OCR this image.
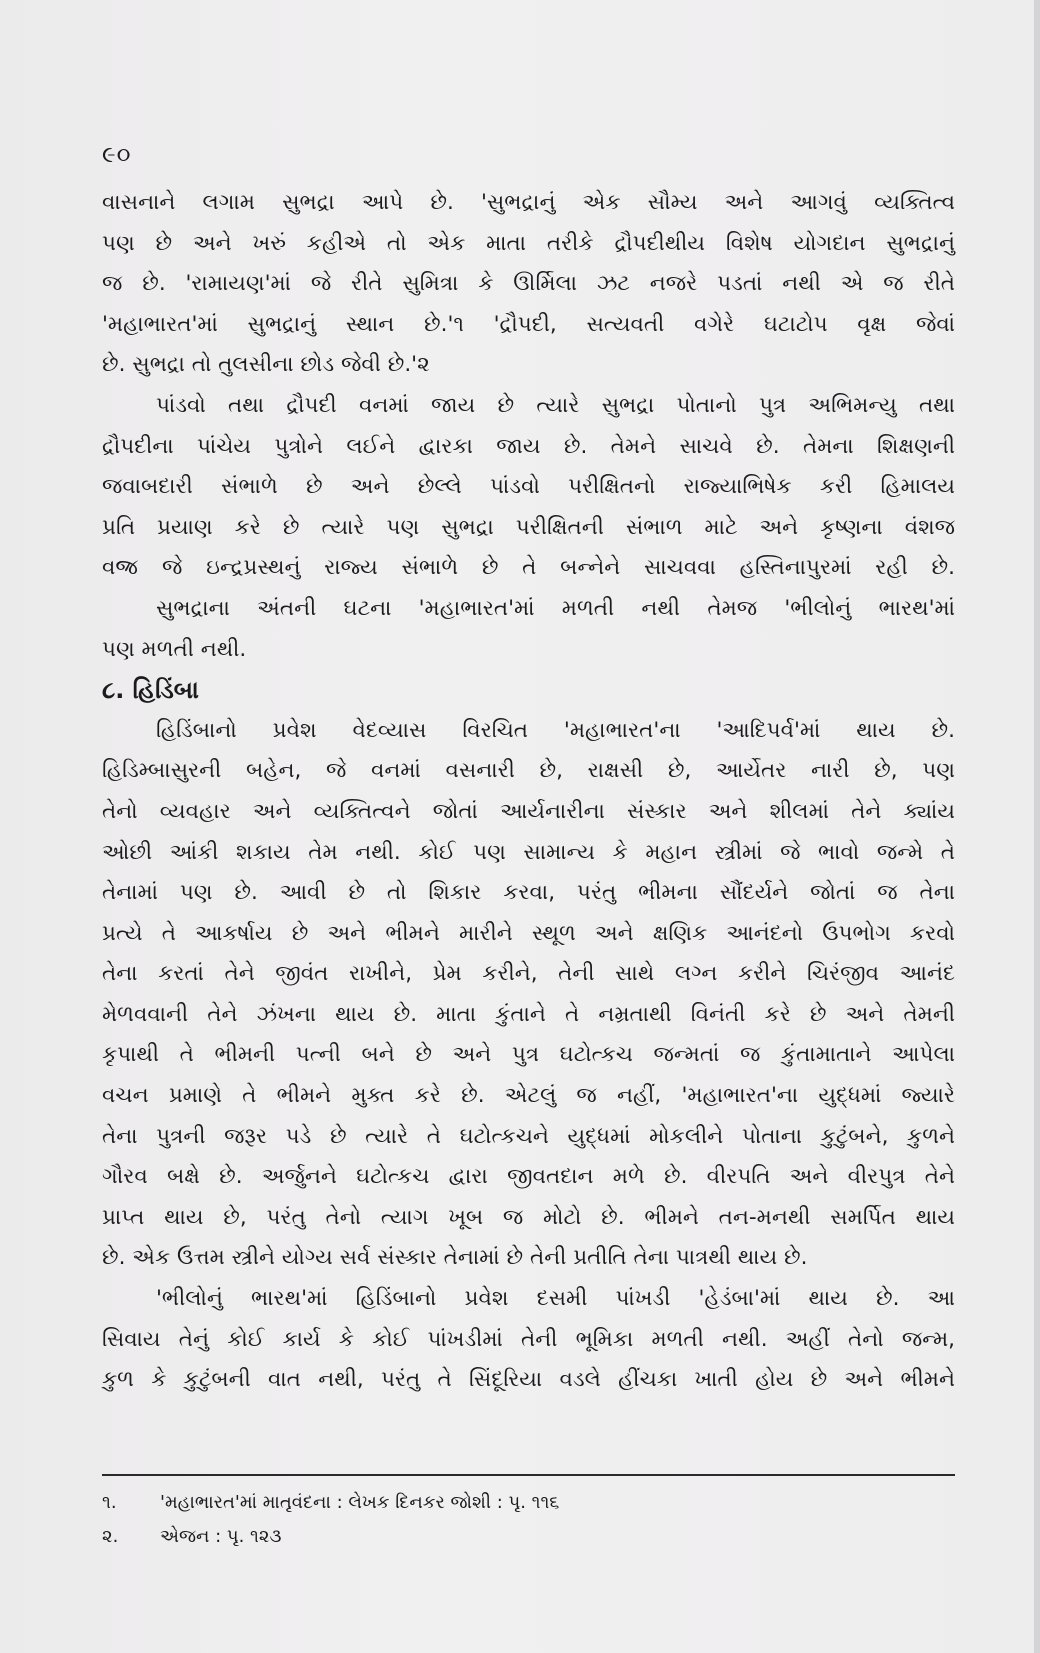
૯૦
વાસનાને લગામ સુભદ્રા આપે છે. 'સુભદ્રાનું એક સૌમ્ય અને આગવું વ્યક્તિત્વ
પણ છે અને ખરું કહીએ તો એક માતા તરીકે દ્રૌપદીથીય વિશેષ યોગદાન સુભદ્રાનું
જ છે. 'રામાયણ'માં જે રીતે સુમિત્રા કે ઊર્મિલા ઝટ નજરે પડતાં નથી એ જ રીતે
'મહાભારત'માં સુભદ્રાનું સ્થાન છે.'૧ 'દ્રૌપદી, સત્યવતી વગેરે ઘટાટોપ વૃક્ષ જેવાં
છે. સુભદ્રા તો તુલસીના છોડ જેવી છે.'૨
પાંડવો તથા દ્રૌપદી વનમાં જાય છે ત્યારે સુભદ્રા પોતાનો પુત્ર અભિમન્યુ તથા
દ્રૌપદીના પાંચેય પુત્રોને લઈને દ્વારકા જાય છે. તેમને સાચવે છે. તેમના શિક્ષણની
જવાબદારી સંભાળે છે અને છેલ્લે પાંડવો પરીક્ષિતનો રાજ્યાભિષેક કરી હિમાલય
પ્રતિ પ્રયાણ કરે છે ત્યારે પણ સુભદ્રા પરીક્ષિતની સંભાળ માટે અને કૃષ્ણના વંશજ
વજ્ર જે ઇન્દ્રપ્રસ્થનું રાજ્ય સંભાળે છે તે બન્નેને સાચવવા હસ્તિનાપુરમાં રહી છે.
સુભદ્રાના અંતની ઘટના 'મહાભારત'માં મળતી નથી તેમજ 'ભીલોનું ભારથ'માં
પણ મળતી નથી.
૮. હિડિંબા
હિડિંબાનો પ્રવેશ વેદવ્યાસ વિરચિત 'મહાભારત'ના 'આદિપર્વ'માં થાય છે.
હિડિમ્બાસુરની બહેન, જે વનમાં વસનારી છે, રાક્ષસી છે, આર્યેતર નારી છે, પણ
તેનો વ્યવહાર અને વ્યક્તિત્વને જોતાં આર્યનારીના સંસ્કાર અને શીલમાં તેને ક્યાંય
ઓછી આંકી શકાય તેમ નથી. કોઈ પણ સામાન્ય કે મહાન સ્ત્રીમાં જે ભાવો જન્મે તે
તેનામાં પણ છે. આવી છે તો શિકાર કરવા, પરંતુ ભીમના સૌંદર્યને જોતાં જ તેના
પ્રત્યે તે આકર્ષાય છે અને ભીમને મારીને સ્થૂળ અને ક્ષણિક આનંદનો ઉપભોગ કરવો
તેના કરતાં તેને જીવંત રાખીને, પ્રેમ કરીને, તેની સાથે લગ્ન કરીને ચિરંજીવ આનંદ
મેળવવાની તેને ઝંખના થાય છે. માતા કુંતાને તે નમ્રતાથી વિનંતી કરે છે અને તેમની
કૃપાથી તે ભીમની પત્ની બને છે અને પુત્ર ઘટોત્કચ જન્મતાં જ કુંતામાતાને આપેલા
વચન પ્રમાણે તે ભીમને મુક્ત કરે છે. એટલું જ નહીં, 'મહાભારત'ના યુદ્ધમાં જ્યારે
તેના પુત્રની જરૂર પડે છે ત્યારે તે ઘટોત્કચને યુદ્ધમાં મોકલીને પોતાના કુટુંબને, કુળને
ગૌરવ બક્ષે છે. અર્જુનને ઘટોત્કચ દ્વારા જીવતદાન મળે છે. વીરપતિ અને વીરપુત્ર તેને
પ્રાપ્ત થાય છે, પરંતુ તેનો ત્યાગ ખૂબ જ મોટો છે. ભીમને તન-મનથી સમર્પિત થાય
છે. એક ઉત્તમ સ્ત્રીને યોગ્ય સર્વ સંસ્કાર તેનામાં છે તેની પ્રતીતિ તેના પાત્રથી થાય છે.
'ભીલોનું ભારથ'માં હિડિંબાનો પ્રવેશ દસમી પાંખડી 'હેડંબા'માં થાય છે. આ
સિવાય તેનું કોઈ કાર્ય કે કોઈ પાંખડીમાં તેની ભૂમિકા મળતી નથી. અહીં તેનો જન્મ,
કુળ કે કુટુંબની વાત નથી, પરંતુ તે સિંદૂરિયા વડલે હીંચકા ખાતી હોય છે અને ભીમને
૧. 'મહાભારત'માં માતૃવંદના : લેખક દિનકર જોશી : પૃ. ૧૧૬
૨. એજન : પૃ. ૧૨૩
